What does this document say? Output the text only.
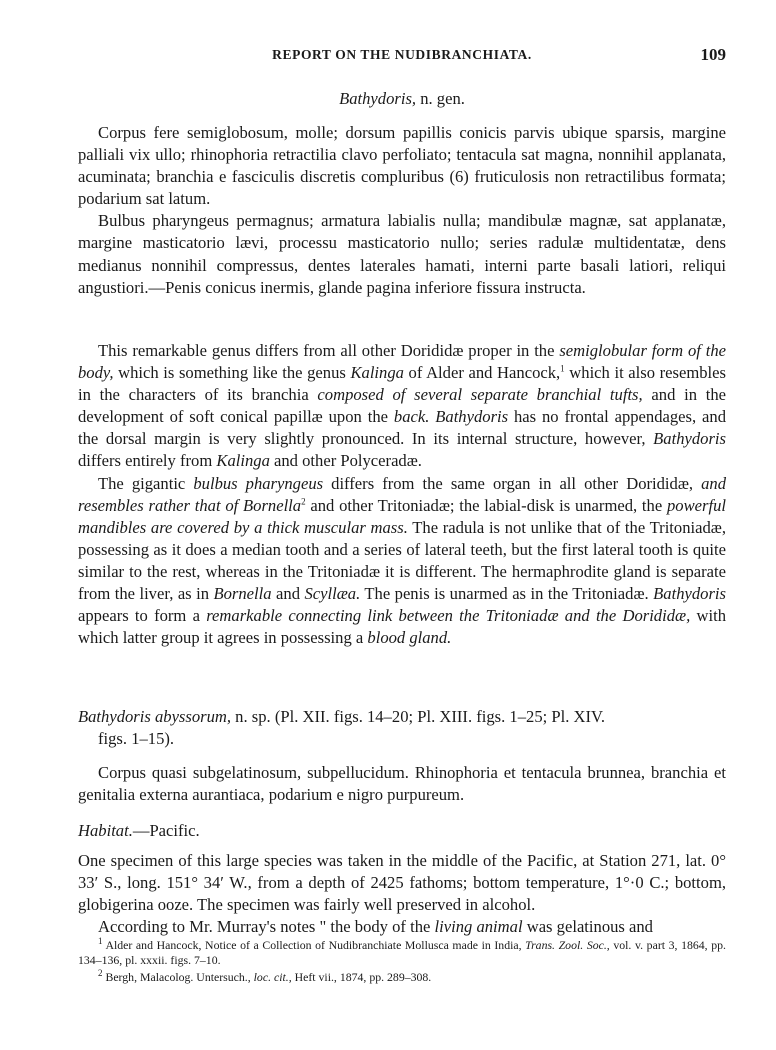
REPORT ON THE NUDIBRANCHIATA.	109
Bathydoris, n. gen.

Corpus fere semiglobosum, molle; dorsum papillis conicis parvis ubique sparsis, margine palliali vix ullo; rhinophoria retractilia clavo perfoliato; tentacula sat magna, nonnihil applanata, acuminata; branchia e fasciculis discretis compluribus (6) fruticulosis non retractilibus formata; podarium sat latum.

Bulbus pharyngeus permagnus; armatura labialis nulla; mandibulæ magnæ, sat applanatæ, margine masticatorio lævi, processu masticatorio nullo; series radulæ multidentatæ, dens medianus nonnihil compressus, dentes laterales hamati, interni parte basali latiori, reliqui angustiori.—Penis conicus inermis, glande pagina inferiore fissura instructa.

This remarkable genus differs from all other Dorididæ proper in the semiglobular form of the body, which is something like the genus Kalinga of Alder and Hancock,$^1$ which it also resembles in the characters of its branchia composed of several separate branchial tufts, and in the development of soft conical papillæ upon the back. Bathydoris has no frontal appendages, and the dorsal margin is very slightly pronounced. In its internal structure, however, Bathydoris differs entirely from Kalinga and other Polyceradæ.

The gigantic bulbus pharyngeus differs from the same organ in all other Dorididæ, and resembles rather that of Bornella$^2$ and other Tritoniadæ; the labial-disk is unarmed, the powerful mandibles are covered by a thick muscular mass. The radula is not unlike that of the Tritoniadæ, possessing as it does a median tooth and a series of lateral teeth, but the first lateral tooth is quite similar to the rest, whereas in the Tritoniadæ it is different. The hermaphrodite gland is separate from the liver, as in Bornella and Scyllæa. The penis is unarmed as in the Tritoniadæ. Bathydoris appears to form a remarkable connecting link between the Tritoniadæ and the Dorididæ, with which latter group it agrees in possessing a blood gland.

Bathydoris abyssorum, n. sp. (Pl. XII. figs. 14–20; Pl. XIII. figs. 1–25; Pl. XIV.
figs. 1–15).

Corpus quasi subgelatinosum, subpellucidum. Rhinophoria et tentacula brunnea, branchia et genitalia externa aurantiaca, podarium e nigro purpureum.

Habitat.—Pacific.

One specimen of this large species was taken in the middle of the Pacific, at Station 271, lat. 0° 33′ S., long. 151° 34′ W., from a depth of 2425 fathoms; bottom temperature, 1°·0 C.; bottom, globigerina ooze. The specimen was fairly well preserved in alcohol.

According to Mr. Murray's notes " the body of the living animal was gelatinous and

$^1$ Alder and Hancock, Notice of a Collection of Nudibranchiate Mollusca made in India, Trans. Zool. Soc., vol. v. part 3, 1864, pp. 134–136, pl. xxxii. figs. 7–10.
$^2$ Bergh, Malacolog. Untersuch., loc. cit., Heft vii., 1874, pp. 289–308.
